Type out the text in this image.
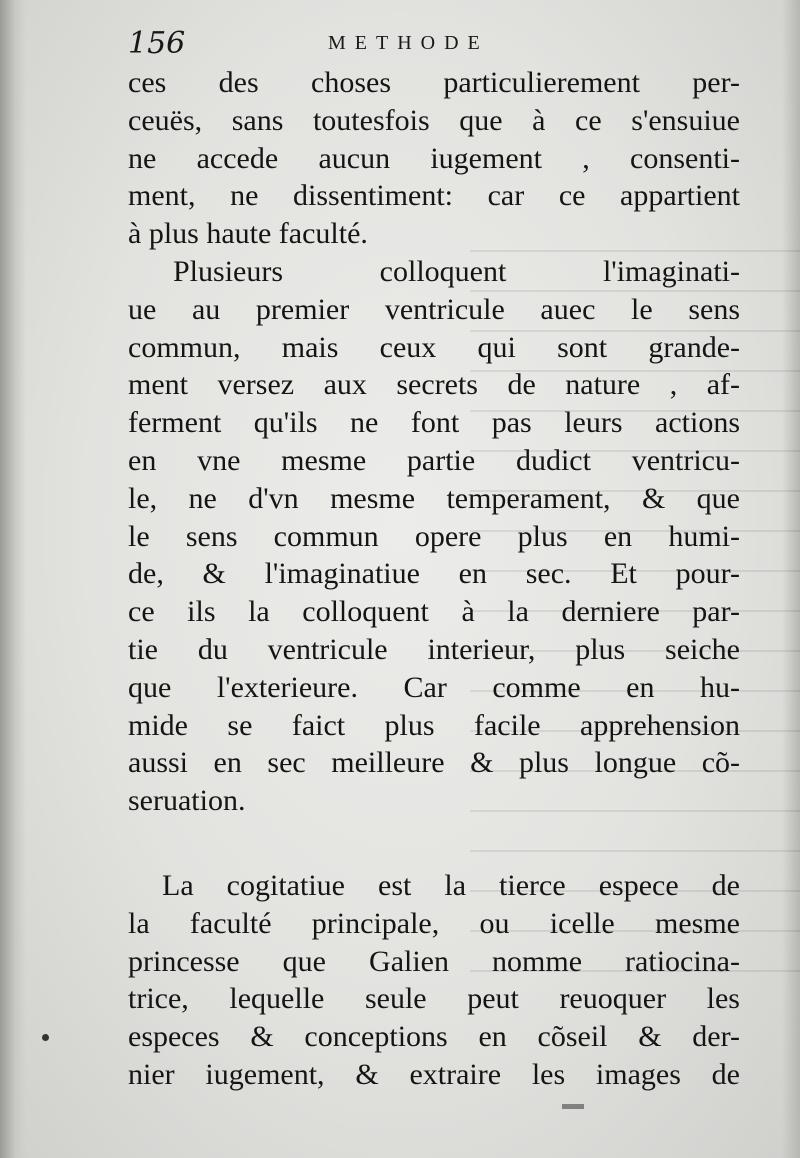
156	METHODE
ces des choses particulierement per-
ceuës, sans toutesfois que à ce s'ensuiue
ne accede aucun iugement , consenti-
ment, ne dissentiment: car ce appartient
à plus haute faculté.
Plusieurs colloquent l'imaginati-
ue au premier ventricule auec le sens
commun, mais ceux qui sont grande-
ment versez aux secrets de nature , af-
ferment qu'ils ne font pas leurs actions
en vne mesme partie dudict ventricu-
le, ne d'vn mesme temperament, & que
le sens commun opere plus en humi-
de, & l'imaginatiue en sec. Et pour-
ce ils la colloquent à la derniere par-
tie du ventricule interieur, plus seiche
que l'exterieure. Car comme en hu-
mide se faict plus facile apprehension
aussi en sec meilleure & plus longue cõ-
seruation.
La cogitatiue est la tierce espece de
la faculté principale, ou icelle mesme
princesse que Galien nomme ratiocina-
trice, lequelle seule peut reuoquer les
especes & conceptions en cõseil & der-
nier iugement, & extraire les images de
